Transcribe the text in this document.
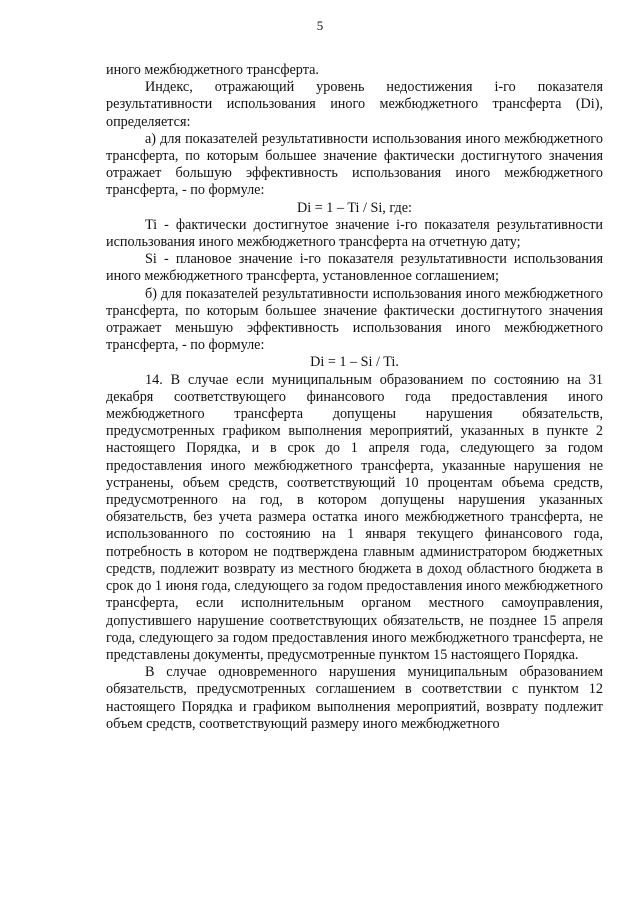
5

иного межбюджетного трансферта.

Индекс, отражающий уровень недостижения i-го показателя результативности использования иного межбюджетного трансферта (Di), определяется:

а) для показателей результативности использования иного межбюджетного трансферта, по которым большее значение фактически достигнутого значения отражает большую эффективность использования иного межбюджетного трансферта, - по формуле:

Di = 1 – Ti / Si, где:

Ti - фактически достигнутое значение i-го показателя результативности использования иного межбюджетного трансферта на отчетную дату;

Si - плановое значение i-го показателя результативности использования иного межбюджетного трансферта, установленное соглашением;

б) для показателей результативности использования иного межбюджетного трансферта, по которым большее значение фактически достигнутого значения отражает меньшую эффективность использования иного межбюджетного трансферта, - по формуле:

Di = 1 – Si / Ti.

14. В случае если муниципальным образованием по состоянию на 31 декабря соответствующего финансового года предоставления иного межбюджетного трансферта допущены нарушения обязательств, предусмотренных графиком выполнения мероприятий, указанных в пункте 2 настоящего Порядка, и в срок до 1 апреля года, следующего за годом предоставления иного межбюджетного трансферта, указанные нарушения не устранены, объем средств, соответствующий 10 процентам объема средств, предусмотренного на год, в котором допущены нарушения указанных обязательств, без учета размера остатка иного межбюджетного трансферта, не использованного по состоянию на 1 января текущего финансового года, потребность в котором не подтверждена главным администратором бюджетных средств, подлежит возврату из местного бюджета в доход областного бюджета в срок до 1 июня года, следующего за годом предоставления иного межбюджетного трансферта, если исполнительным органом местного самоуправления, допустившего нарушение соответствующих обязательств, не позднее 15 апреля года, следующего за годом предоставления иного межбюджетного трансферта, не представлены документы, предусмотренные пунктом 15 настоящего Порядка.

В случае одновременного нарушения муниципальным образованием обязательств, предусмотренных соглашением в соответствии с пунктом 12 настоящего Порядка и графиком выполнения мероприятий, возврату подлежит объем средств, соответствующий размеру иного межбюджетного
